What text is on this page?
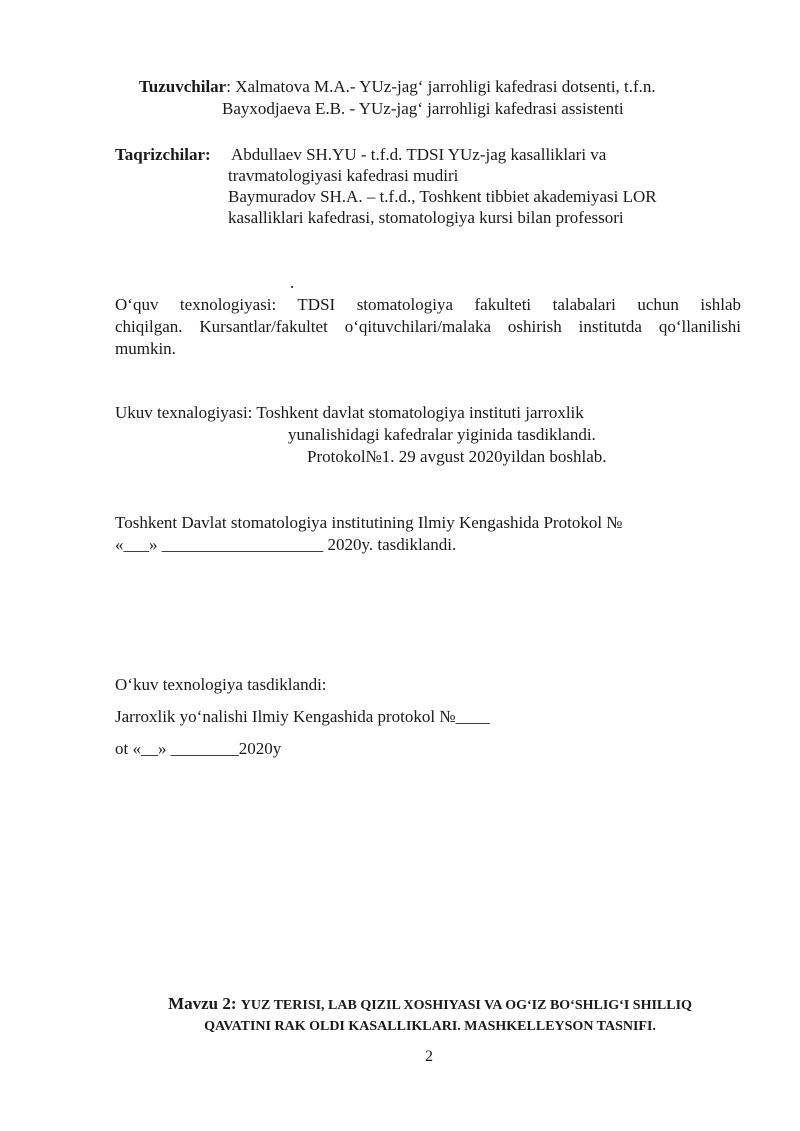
Tuzuvchilar: Xalmatova M.A.- YUz-jag‘ jarrohligi kafedrasi dotsenti, t.f.n.
Bayxodjaeva E.B. - YUz-jag‘ jarrohligi kafedrasi assistenti
Taqrizchilar: Abdullaev SH.YU - t.f.d. TDSI YUz-jag kasalliklari va
travmatologiyasi kafedrasi mudiri
Baymuradov SH.A. – t.f.d., Toshkent tibbiet akademiyasi LOR
kasalliklari kafedrasi, stomatologiya kursi bilan professori
.
O‘quv texnologiyasi: TDSI stomatologiya fakulteti talabalari uchun ishlab
chiqilgan. Kursantlar/fakultet o‘qituvchilari/malaka oshirish institutda qo‘llanilishi
mumkin.
Ukuv texnalogiyasi: Toshkent davlat stomatologiya instituti jarroxlik
yunalishidagi kafedralar yiginida tasdiklandi.
Protokol№1. 29 avgust 2020yildan boshlab.
Toshkent Davlat stomatologiya institutining Ilmiy Kengashida Protokol №
«___» ___________________ 2020y. tasdiklandi.
O‘kuv texnologiya tasdiklandi:
Jarroxlik yo‘nalishi Ilmiy Kengashida protokol №____
ot «__» ________2020y
Mavzu 2: YUZ TERISI, LAB QIZIL XOSHIYASI VA OG‘IZ BO‘SHLIG‘I SHILLIQ
QAVATINI RAK OLDI KASALLIKLARI. MASHKELLEYSON TASNIFI.
2
